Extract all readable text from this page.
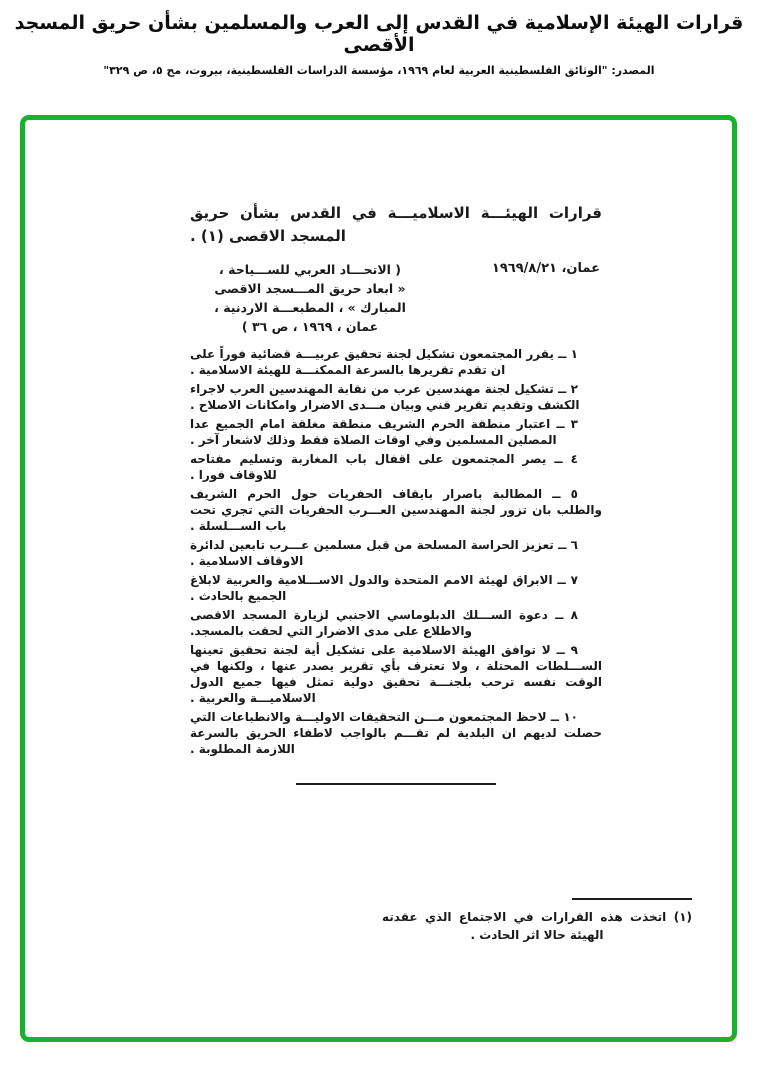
قرارات الهيئة الإسلامية في القدس إلى العرب والمسلمين بشأن حريق المسجد الأقصى
المصدر: "الوثائق الفلسطينية العربية لعام ١٩٦٩، مؤسسة الدراسات الفلسطينية، بيروت، مج ٥، ص ٣٢٩"
قرارات الهيئـــة الاسلاميـــة في القدس بشأن حريق المسجد الاقصى (١) .
عمان، ١٩٦٩/٨/٢١
( الاتحـــاد العربي للســـياحة ،
« ابعاد حريق المـــسجد الاقصى
المبارك » ، المطبعـــة الاردنية ،
عمان ، ١٩٦٩ ، ص ٣٦ )

١ ــ يقرر المجتمعون تشكيل لجنة تحقيق عربيـــة قضائية فوراً على ان تقدم تقريرها بالسرعة الممكنـــة للهيئة الاسلامية .

٢ ــ تشكيل لجنة مهندسين عرب من نقابة المهندسين العرب لاجراء الكشف وتقديم تقرير فني وبيان مـــدى الاضرار وامكانات الاصلاح .

٣ ــ اعتبار منطقة الحرم الشريف منطقة مغلقة امام الجميع عدا المصلين المسلمين وفي اوقات الصلاة فقط وذلك لاشعار آخر .

٤ ــ يصر المجتمعون على اقفال باب المغاربة وتسليم مفتاحه للاوقاف فورا .

٥ ــ المطالبة باصرار بايقاف الحفريات حول الحرم الشريف والطلب بان تزور لجنة المهندسين العـــرب الحفريات التي تجري تحت باب الســـلسلة .

٦ ــ تعزيز الحراسة المسلحة من قبل مسلمين عـــرب تابعين لدائرة الاوقاف الاسلامية .

٧ ــ الابراق لهيئة الامم المتحدة والدول الاســـلامية والعربية لابلاغ الجميع بالحادث .

٨ ــ دعوة الســـلك الدبلوماسي الاجنبي لزيارة المسجد الاقصى والاطلاع على مدى الاضرار التي لحقت بالمسجد.

٩ ــ لا توافق الهيئة الاسلامية على تشكيل أية لجنة تحقيق تعينها الســـلطات المحتلة ، ولا تعترف بأي تقرير يصدر عنها ، ولكنها في الوقت نفسه ترحب بلجنـــة تحقيق دولية تمثل فيها جميع الدول الاسلاميـــة والعربية .

١٠ ــ لاحظ المجتمعون مـــن التحقيقات الاوليـــة والانطباعات التي حصلت لديهم ان البلدية لم تقـــم بالواجب لاطفاء الحريق بالسرعة اللازمة المطلوبة .

(١) اتخذت هذه القرارات في الاجتماع الذي عقدته
الهيئة حالا اثر الحادث .
